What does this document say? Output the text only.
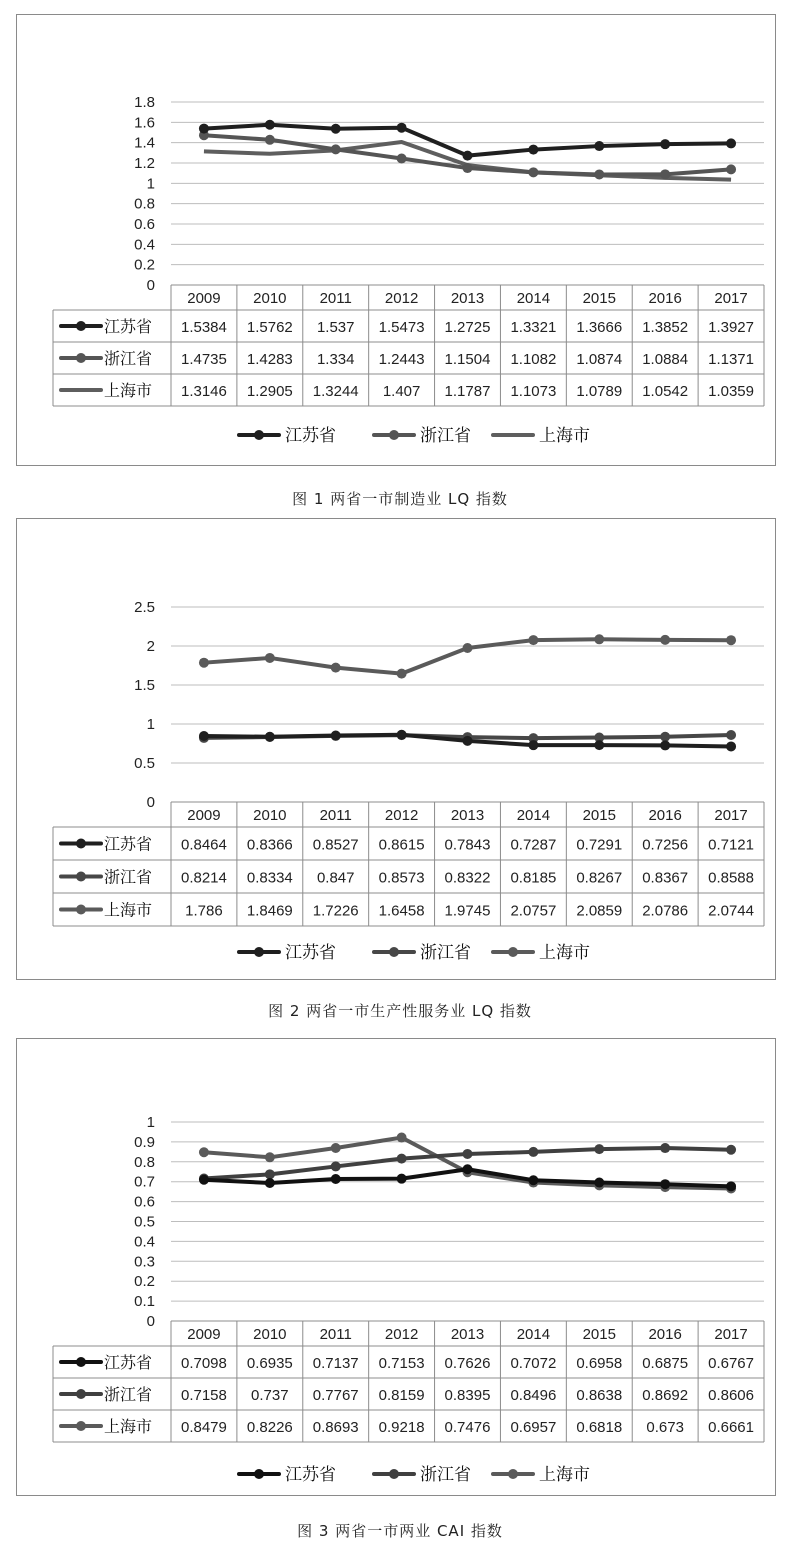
1.8
1.6
1.4
1.2
1
0.8
0.6
0.4
0.2
0
2009 2010 2011 2012 2013 2014 2015 2016 2017
江苏省 1.5384 1.5762 1.537 1.5473 1.2725 1.3321 1.3666 1.3852 1.3927
浙江省 1.4735 1.4283 1.334 1.2443 1.1504 1.1082 1.0874 1.0884 1.1371
上海市 1.3146 1.2905 1.3244 1.407 1.1787 1.1073 1.0789 1.0542 1.0359
江苏省	浙江省	上海市
图 1 两省一市制造业 LQ 指数
2.5
2
1.5
1
0.5
0
2009 2010 2011 2012 2013 2014 2015 2016 2017
江苏省 0.8464 0.8366 0.8527 0.8615 0.7843 0.7287 0.7291 0.7256 0.7121
浙江省 0.8214 0.8334 0.847 0.8573 0.8322 0.8185 0.8267 0.8367 0.8588
上海市 1.786 1.8469 1.7226 1.6458 1.9745 2.0757 2.0859 2.0786 2.0744
江苏省	浙江省	上海市
图 2 两省一市生产性服务业 LQ 指数
1
0.9
0.8
0.7
0.6
0.5
0.4
0.3
0.2
0.1
0
2009 2010 2011 2012 2013 2014 2015 2016 2017
江苏省 0.7098 0.6935 0.7137 0.7153 0.7626 0.7072 0.6958 0.6875 0.6767
浙江省 0.7158 0.737 0.7767 0.8159 0.8395 0.8496 0.8638 0.8692 0.8606
上海市 0.8479 0.8226 0.8693 0.9218 0.7476 0.6957 0.6818 0.673 0.6661
江苏省	浙江省	上海市
图 3 两省一市两业 CAI 指数
